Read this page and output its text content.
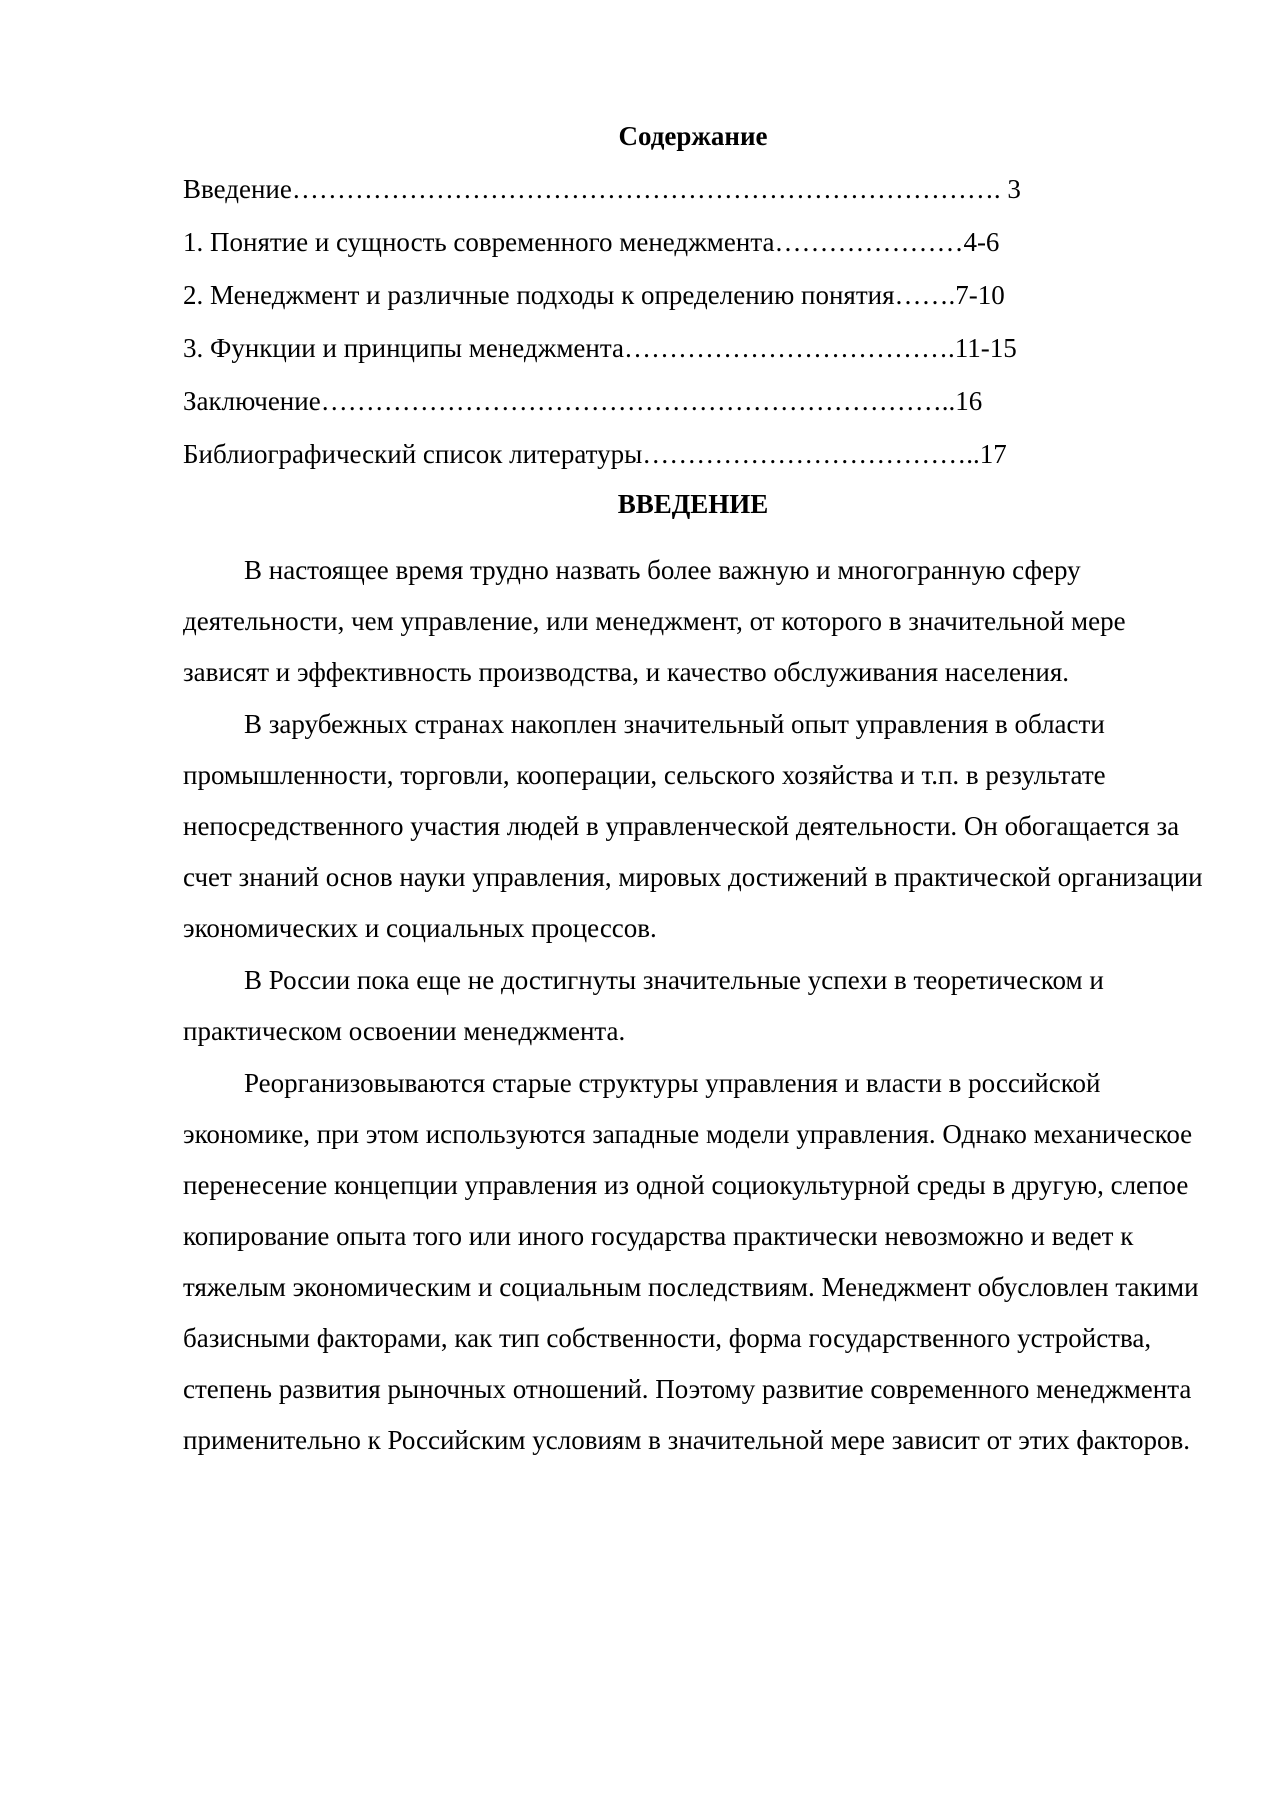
Содержание
Введение……………………………………………………………………. 3
1. Понятие и сущность современного менеджмента…………………4-6
2. Менеджмент и различные подходы к определению понятия…….7-10
3. Функции и принципы менеджмента……………………………….11-15
Заключение……………………………………………………………..16
Библиографический список литературы………………………………..17
ВВЕДЕНИЕ

В настоящее время трудно назвать более важную и многогранную сферу деятельности, чем управление, или менеджмент, от которого в значительной мере зависят и эффективность производства, и качество обслуживания населения.

В зарубежных странах накоплен значительный опыт управления в области промышленности, торговли, кооперации, сельского хозяйства и т.п. в результате непосредственного участия людей в управленческой деятельности. Он обогащается за счет знаний основ науки управления, мировых достижений в практической организации экономических и социальных процессов.

В России пока еще не достигнуты значительные успехи в теоретическом и практическом освоении менеджмента.

Реорганизовываются старые структуры управления и власти в российской экономике, при этом используются западные модели управления. Однако механическое перенесение концепции управления из одной социокультурной среды в другую, слепое копирование опыта того или иного государства практически невозможно и ведет к тяжелым экономическим и социальным последствиям. Менеджмент обусловлен такими базисными факторами, как тип собственности, форма государственного устройства, степень развития рыночных отношений. Поэтому развитие современного менеджмента применительно к Российским условиям в значительной мере зависит от этих факторов.
